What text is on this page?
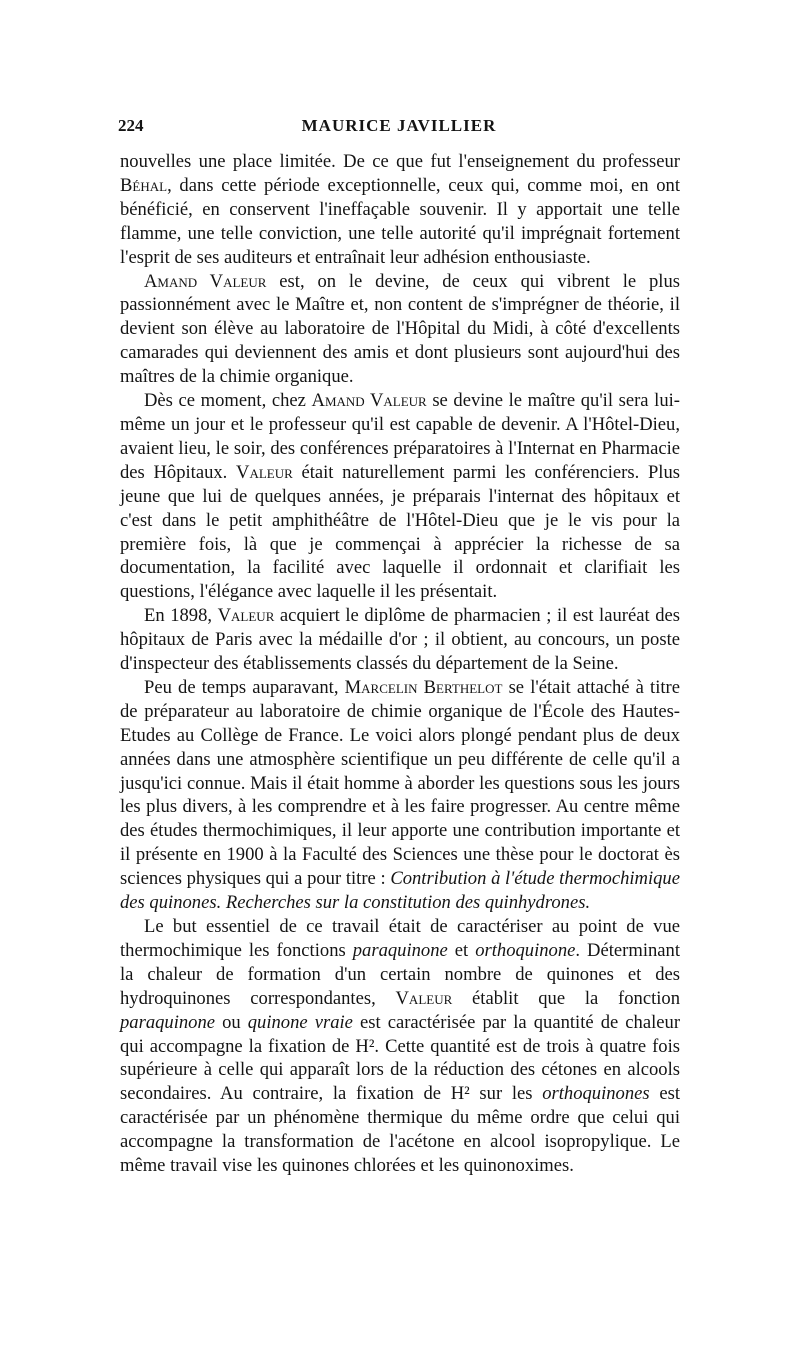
224	MAURICE JAVILLIER

nouvelles une place limitée. De ce que fut l'enseignement du professeur Béhal, dans cette période exceptionnelle, ceux qui, comme moi, en ont bénéficié, en conservent l'ineffaçable souvenir. Il y apportait une telle flamme, une telle conviction, une telle autorité qu'il imprégnait fortement l'esprit de ses auditeurs et entraînait leur adhésion enthousiaste.

Amand Valeur est, on le devine, de ceux qui vibrent le plus passionnément avec le Maître et, non content de s'imprégner de théorie, il devient son élève au laboratoire de l'Hôpital du Midi, à côté d'excellents camarades qui deviennent des amis et dont plusieurs sont aujourd'hui des maîtres de la chimie organique.

Dès ce moment, chez Amand Valeur se devine le maître qu'il sera lui-même un jour et le professeur qu'il est capable de devenir. A l'Hôtel-Dieu, avaient lieu, le soir, des conférences préparatoires à l'Internat en Pharmacie des Hôpitaux. Valeur était naturellement parmi les conférenciers. Plus jeune que lui de quelques années, je préparais l'internat des hôpitaux et c'est dans le petit amphithéâtre de l'Hôtel-Dieu que je le vis pour la première fois, là que je commençai à apprécier la richesse de sa documentation, la facilité avec laquelle il ordonnait et clarifiait les questions, l'élégance avec laquelle il les présentait.

En 1898, Valeur acquiert le diplôme de pharmacien ; il est lauréat des hôpitaux de Paris avec la médaille d'or ; il obtient, au concours, un poste d'inspecteur des établissements classés du département de la Seine.

Peu de temps auparavant, Marcelin Berthelot se l'était attaché à titre de préparateur au laboratoire de chimie organique de l'École des Hautes-Etudes au Collège de France. Le voici alors plongé pendant plus de deux années dans une atmosphère scientifique un peu différente de celle qu'il a jusqu'ici connue. Mais il était homme à aborder les questions sous les jours les plus divers, à les comprendre et à les faire progresser. Au centre même des études thermochimiques, il leur apporte une contribution importante et il présente en 1900 à la Faculté des Sciences une thèse pour le doctorat ès sciences physiques qui a pour titre : Contribution à l'étude thermochimique des quinones. Recherches sur la constitution des quinhydrones.

Le but essentiel de ce travail était de caractériser au point de vue thermochimique les fonctions paraquinone et orthoquinone. Déterminant la chaleur de formation d'un certain nombre de quinones et des hydroquinones correspondantes, Valeur établit que la fonction paraquinone ou quinone vraie est caractérisée par la quantité de chaleur qui accompagne la fixation de H². Cette quantité est de trois à quatre fois supérieure à celle qui apparaît lors de la réduction des cétones en alcools secondaires. Au contraire, la fixation de H² sur les orthoquinones est caractérisée par un phénomène thermique du même ordre que celui qui accompagne la transformation de l'acétone en alcool isopropylique. Le même travail vise les quinones chlorées et les quinonoximes.
